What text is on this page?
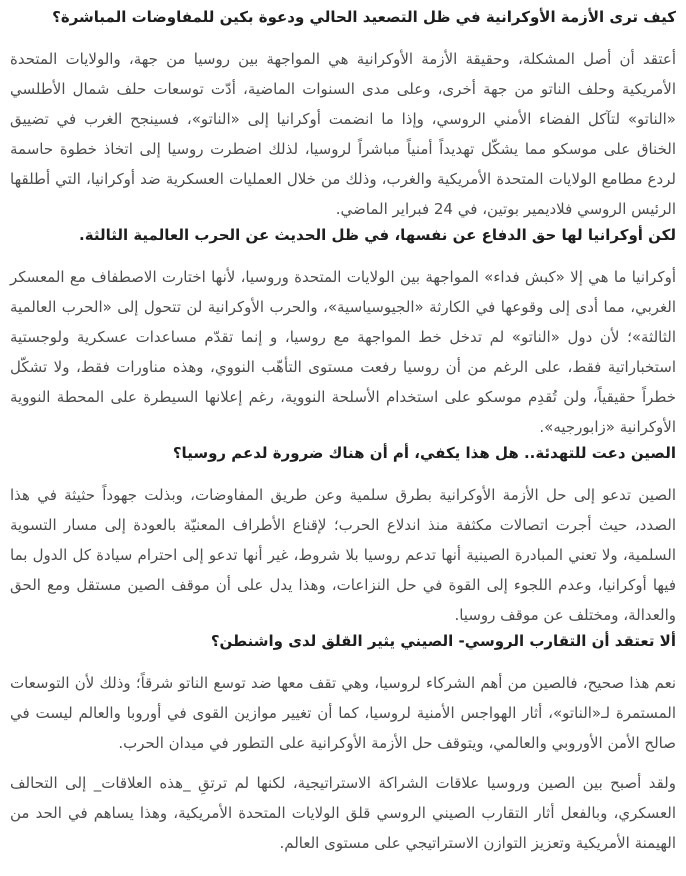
كيف ترى الأزمة الأوكرانية في ظل التصعيد الحالي ودعوة بكين للمفاوضات المباشرة؟

أعتقد أن أصل المشكلة، وحقيقة الأزمة الأوكرانية هي المواجهة بين روسيا من جهة، والولايات المتحدة الأمريكية وحلف الناتو من جهة أخرى، وعلى مدى السنوات الماضية، أدّت توسعات حلف شمال الأطلسي «الناتو» لتآكل الفضاء الأمني الروسي، وإذا ما انضمت أوكرانيا إلى «الناتو»، فسينجح الغرب في تضييق الخناق على موسكو مما يشكّل تهديداً أمنياً مباشراً لروسيا، لذلك اضطرت روسيا إلى اتخاذ خطوة حاسمة لردع مطامع الولايات المتحدة الأمريكية والغرب، وذلك من خلال العمليات العسكرية ضد أوكرانيا، التي أطلقها الرئيس الروسي فلاديمير بوتين، في 24 فبراير الماضي.

لكن أوكرانيا لها حق الدفاع عن نفسها، في ظل الحديث عن الحرب العالمية الثالثة.

أوكرانيا ما هي إلا «كبش فداء» المواجهة بين الولايات المتحدة وروسيا، لأنها اختارت الاصطفاف مع المعسكر الغربي، مما أدى إلى وقوعها في الكارثة «الجيوسياسية»، والحرب الأوكرانية لن تتحول إلى «الحرب العالمية الثالثة»؛ لأن دول «الناتو» لم تدخل خط المواجهة مع روسيا، و إنما تقدّم مساعدات عسكرية ولوجستية استخباراتية فقط، على الرغم من أن روسيا رفعت مستوى التأهّب النووي، وهذه مناورات فقط، ولا تشكّل خطراً حقيقياً، ولن تُقدِم موسكو على استخدام الأسلحة النووية، رغم إعلانها السيطرة على المحطة النووية الأوكرانية «زابورجيه».

الصين دعت للتهدئة.. هل هذا يكفي، أم أن هناك ضرورة لدعم روسيا؟

الصين تدعو إلى حل الأزمة الأوكرانية بطرق سلمية وعن طريق المفاوضات، وبذلت جهوداً حثيثة في هذا الصدد، حيث أجرت اتصالات مكثفة منذ اندلاع الحرب؛ لإقناع الأطراف المعنيّة بالعودة إلى مسار التسوية السلمية، ولا تعني المبادرة الصينية أنها تدعم روسيا بلا شروط، غير أنها تدعو إلى احترام سيادة كل الدول بما فيها أوكرانيا، وعدم اللجوء إلى القوة في حل النزاعات، وهذا يدل على أن موقف الصين مستقل ومع الحق والعدالة، ومختلف عن موقف روسيا.

ألا تعتقد أن التقارب الروسي- الصيني يثير القلق لدى واشنطن؟

نعم هذا صحيح، فالصين من أهم الشركاء لروسيا، وهي تقف معها ضد توسع الناتو شرقاً؛ وذلك لأن التوسعات المستمرة لـ«الناتو»، أثار الهواجس الأمنية لروسيا، كما أن تغيير موازين القوى في أوروبا والعالم ليست في صالح الأمن الأوروبي والعالمي، ويتوقف حل الأزمة الأوكرانية على التطور في ميدان الحرب.

ولقد أصبح بين الصين وروسيا علاقات الشراكة الاستراتيجية، لكنها لم ترتقِ _هذه العلاقات_ إلى التحالف العسكري، وبالفعل أثار التقارب الصيني الروسي قلق الولايات المتحدة الأمريكية، وهذا يساهم في الحد من الهيمنة الأمريكية وتعزيز التوازن الاستراتيجي على مستوى العالم.
